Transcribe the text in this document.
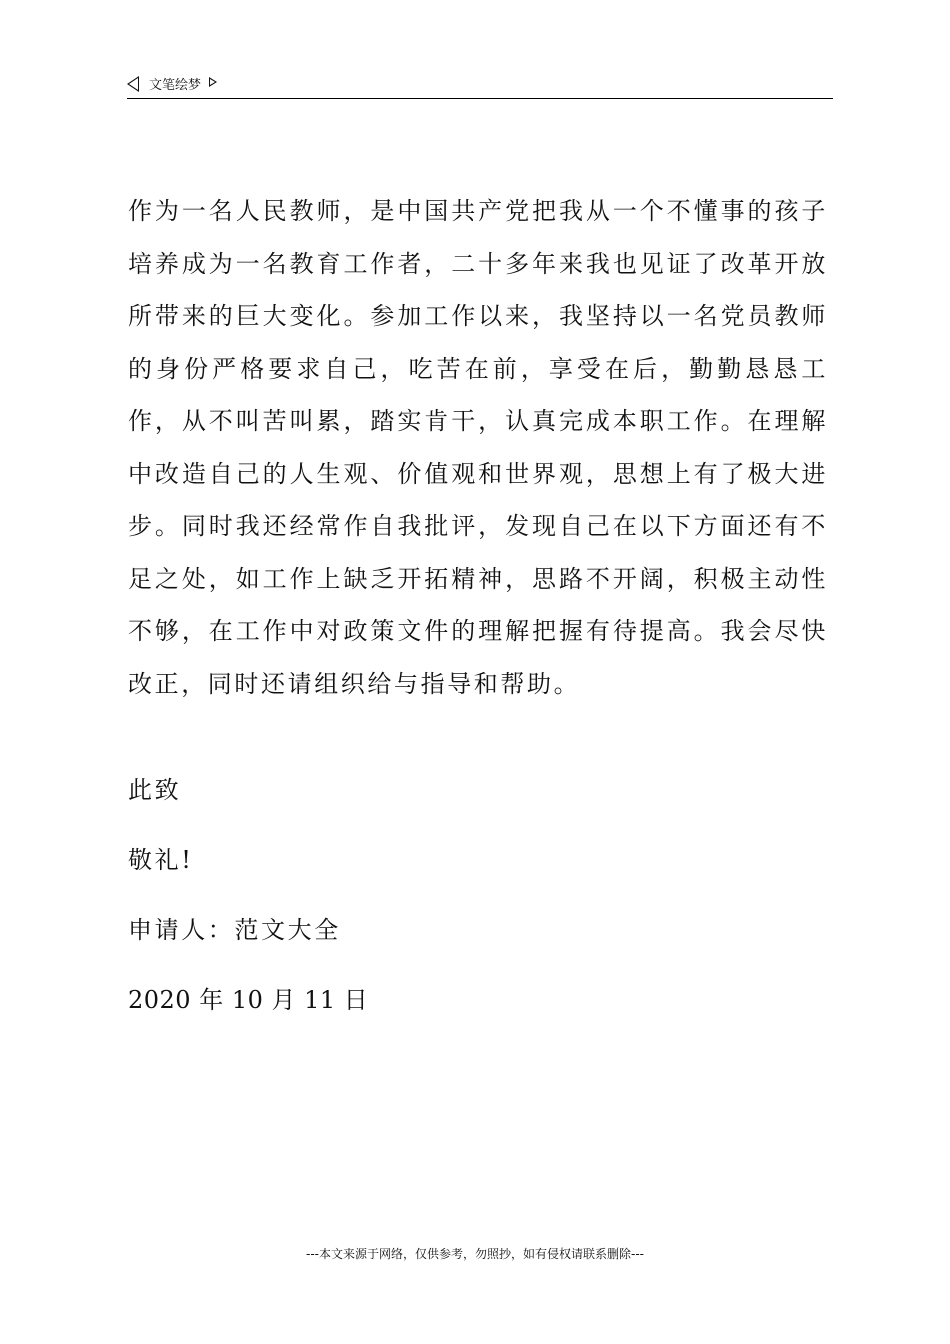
文笔绘梦

作为一名人民教师，是中国共产党把我从一个不懂事的孩子培养成为一名教育工作者，二十多年来我也见证了改革开放所带来的巨大变化。参加工作以来，我坚持以一名党员教师的身份严格要求自己，吃苦在前，享受在后，勤勤恳恳工作，从不叫苦叫累，踏实肯干，认真完成本职工作。在理解中改造自己的人生观、价值观和世界观，思想上有了极大进步。同时我还经常作自我批评，发现自己在以下方面还有不足之处，如工作上缺乏开拓精神，思路不开阔，积极主动性不够，在工作中对政策文件的理解把握有待提高。我会尽快改正，同时还请组织给与指导和帮助。

此致

敬礼!

申请人：范文大全

2020 年 10 月 11 日

---本文来源于网络，仅供参考，勿照抄，如有侵权请联系删除---
